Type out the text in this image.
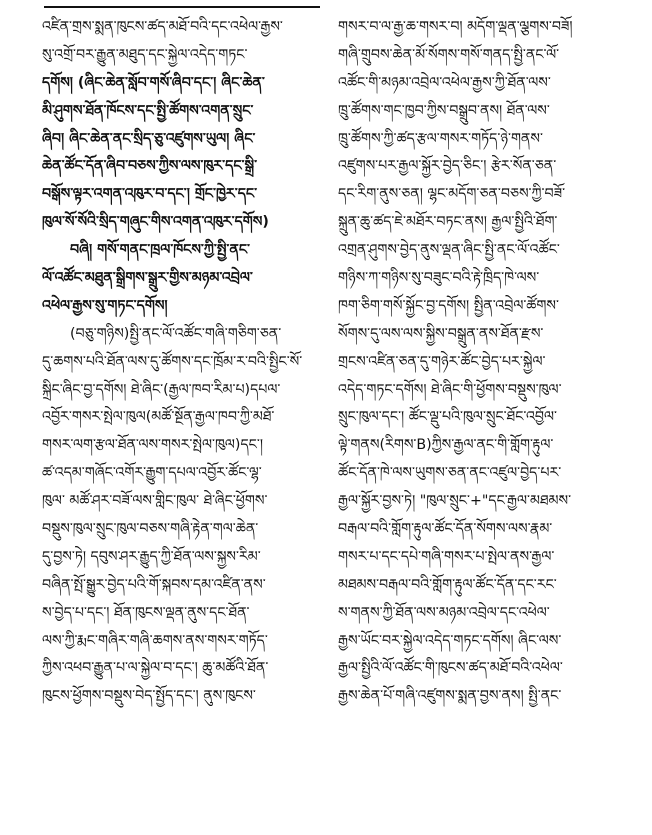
འཛིན་གྲས་སྨན་ཁུངས་ཚད་མཐོ་བའི་དང་འཕེལ་རྒྱས་
སུ་འགྲོ་བར་རྒྱུན་མཐུད་དང་སྐྱེལ་འདེད་གཏང་
དགོས། (ཞིང་ཆེན་སློབ་གསོ་ཞིབ་དང་། ཞིང་ཆེན་
མི་ཤུགས་ཐོན་ཁོངས་དང་སྤྱི་ཚོགས་འགན་སྲུང་
ཞིབ། ཞིང་ཆེན་ནང་སྲིད་ཅུ་འཛུགས་ཡུལ། ཞིང་
ཆེན་ཚོང་དོན་ཞིབ་བཅས་ཀྱིས་ལས་ཁུར་དང་སྒྲི་
བསྒོས་ལྟར་འགན་འཁུར་བ་དང་། གྲོང་ཁྱེར་དང་
ཁུལ་སོ་སོའི་སྲིད་གཞུང་གིས་འགན་འཁུར་དགོས)
བཞི། གསོ་གནང་ཁྲལ་ཁོངས་ཀྱི་སྤྱི་ནང་
ལོ་འཚོང་མཐུན་སྒྲིགས་སྒྲུར་གྱིས་མཉམ་འབྲེལ་
འཕེལ་རྒྱས་སུ་གཏང་དགོས།
(བཅུ་གཉིས)སྤྱི་ནང་ལོ་འཚོང་གཞི་གཅིག་ཅན་
དུ་ཆགས་པའི་ཐོན་ལས་དུ་ཚོགས་དང་ཁྲོམ་ར་བའི་སྤྱིང་སོ་
སྐྲིང་ཞིང་བྱ་དགོས། ཐེ་ཞིང་(རྒྱལ་ཁབ་རིམ་པ)དཔལ་
འབྱོར་གསར་སྤེལ་ཁུལ(མཚོ་སྔོན་རྒྱལ་ཁབ་ཀྱི་མཐོ་
གསར་ལག་རྩལ་ཐོན་ལས་གསར་སྤེལ་ཁུལ)དང་།
ཚ་འདམ་གཞོང་འགོར་རྒྱུག་དཔལ་འབྱོར་ཚོང་ལྷ་
ཁུལ་ མཚོ་ཤར་བཟོ་ལས་གླིང་ཁུལ་ ཐེ་ཞིང་ཕྱོགས་
བསྡུས་ཁུལ་སྲུང་ཁུལ་བཅས་གཞི་རྟེན་གལ་ཆེན་
དུ་བྱས་ཏེ། དབུས་ཤར་རྒྱུད་ཀྱི་ཐོན་ལས་སྐྱས་རིམ་
བཞིན་སྤོ་སྒྱུར་བྱེད་པའི་གོ་སྐབས་དམ་འཛིན་ནས་
ས་བྱེད་པ་དང་། ཐོན་ཁུངས་ལྡན་ནུས་དང་ཐོན་
ལས་ཀྱི་རྨང་གཞིར་གཞི་ཆགས་ནས་གསར་གཏོད་
ཀྱིས་འཕབ་རྒྱུན་པ་ལ་སྐྱེལ་བ་དང་། ཆུ་མཚོའི་ཐོན་
ཁུངས་ཕྱོགས་བསྡུས་བེད་སྤྱོད་དང་། ནུས་ཁུངས་
གསར་བ་ལ་རྒྱ་ཆ་གསར་བ། མདོག་ལྡན་ལྕགས་བཟོ།
གཞི་གྲུབས་ཆེན་མོ་སོགས་གསོ་གནད་སྤྱི་ནང་ལོ་
འཚོང་གི་མཉམ་འབྲེལ་འཕེལ་རྒྱས་ཀྱི་ཐོན་ལས་
ཁྲུ་ཚོགས་གང་ཁྱབ་ཀྱིས་བསྒྲུབ་ནས། ཐོན་ལས་
ཁྲུ་ཚོགས་ཀྱི་ཚད་རྩལ་གསར་གཏོད་ཉེ་གནས་
འཛུགས་པར་རྒྱལ་སྐྱོར་བྱེད་ཅིང་། རྩེར་སོན་ཅན་
དང་རིག་ནུས་ཅན། ལྷང་མདོག་ཅན་བཅས་ཀྱི་བཟོ་
སྐྲུན་ཆུ་ཚད་ཇེ་མཐོར་བཏང་ནས། རྒྱལ་སྤྱིའི་ཐོག་
འགྲན་ཤུགས་བྱེད་ནུས་ལྡན་ཞིང་སྤྱི་ནང་ལོ་འཚོང་
གཉིས་ཀ་གཉིས་སུ་བཟུང་བའི་རྟེ་ཁྲིད་ཁེ་ལས་
ཁག་ཅིག་གསོ་སྐྱོང་བྱ་དགོས། སྤྱིན་འབྲེལ་ཚོགས་
སོགས་དུ་ལས་ལས་སྐྱིས་བསྒྲུན་ནས་ཐོན་རྫས་
གྲངས་འཛིན་ཅན་དུ་གཉེར་ཚོང་བྱེད་པར་སྐྱེལ་
འདེད་གཏང་དགོས། ཐེ་ཞིང་གི་ཕྱོགས་བསྡུས་ཁུལ་
སྲུང་ཁུལ་དང་། ཚོང་ལྡུ་པའི་ཁུལ་སྲུང་ཐོང་འབྱོལ་
ལྟེ་གནས(རིགས་B)ཀྱིས་རྒྱལ་ནང་གི་གློག་རྟུལ་
ཚོང་དོན་ཁེ་ལས་ཡུགས་ཅན་ནང་འཛུལ་བྱེད་པར་
རྒྱལ་སྐྱོར་བྱས་ཏེ། "ཁུལ་སྲུང་+"དང་རྒྱལ་མཐམས་
བརྒལ་བའི་གློག་རྟུལ་ཚོང་དོན་སོགས་ལས་རྣམ་
གསར་པ་དང་དཔེ་གཞི་གསར་པ་སྤེལ་ནས་རྒྱལ་
མཐམས་བརྒལ་བའི་གློག་རྟུལ་ཚོང་དོན་དང་རང་
ས་གནས་ཀྱི་ཐོན་ལས་མཉམ་འབྲེལ་དང་འཕེལ་
རྒྱས་ཡོང་བར་སྐྱེལ་འདེད་གཏང་དགོས། ཞིང་ལས་
རྒྱལ་སྤྱིའི་ལོ་འཚོང་གི་ཁུངས་ཚད་མཐོ་བའི་འཕེལ་
རྒྱས་ཆེན་པོ་གཞི་འཛུགས་སྨན་བྱས་ནས། སྤྱི་ནང་
